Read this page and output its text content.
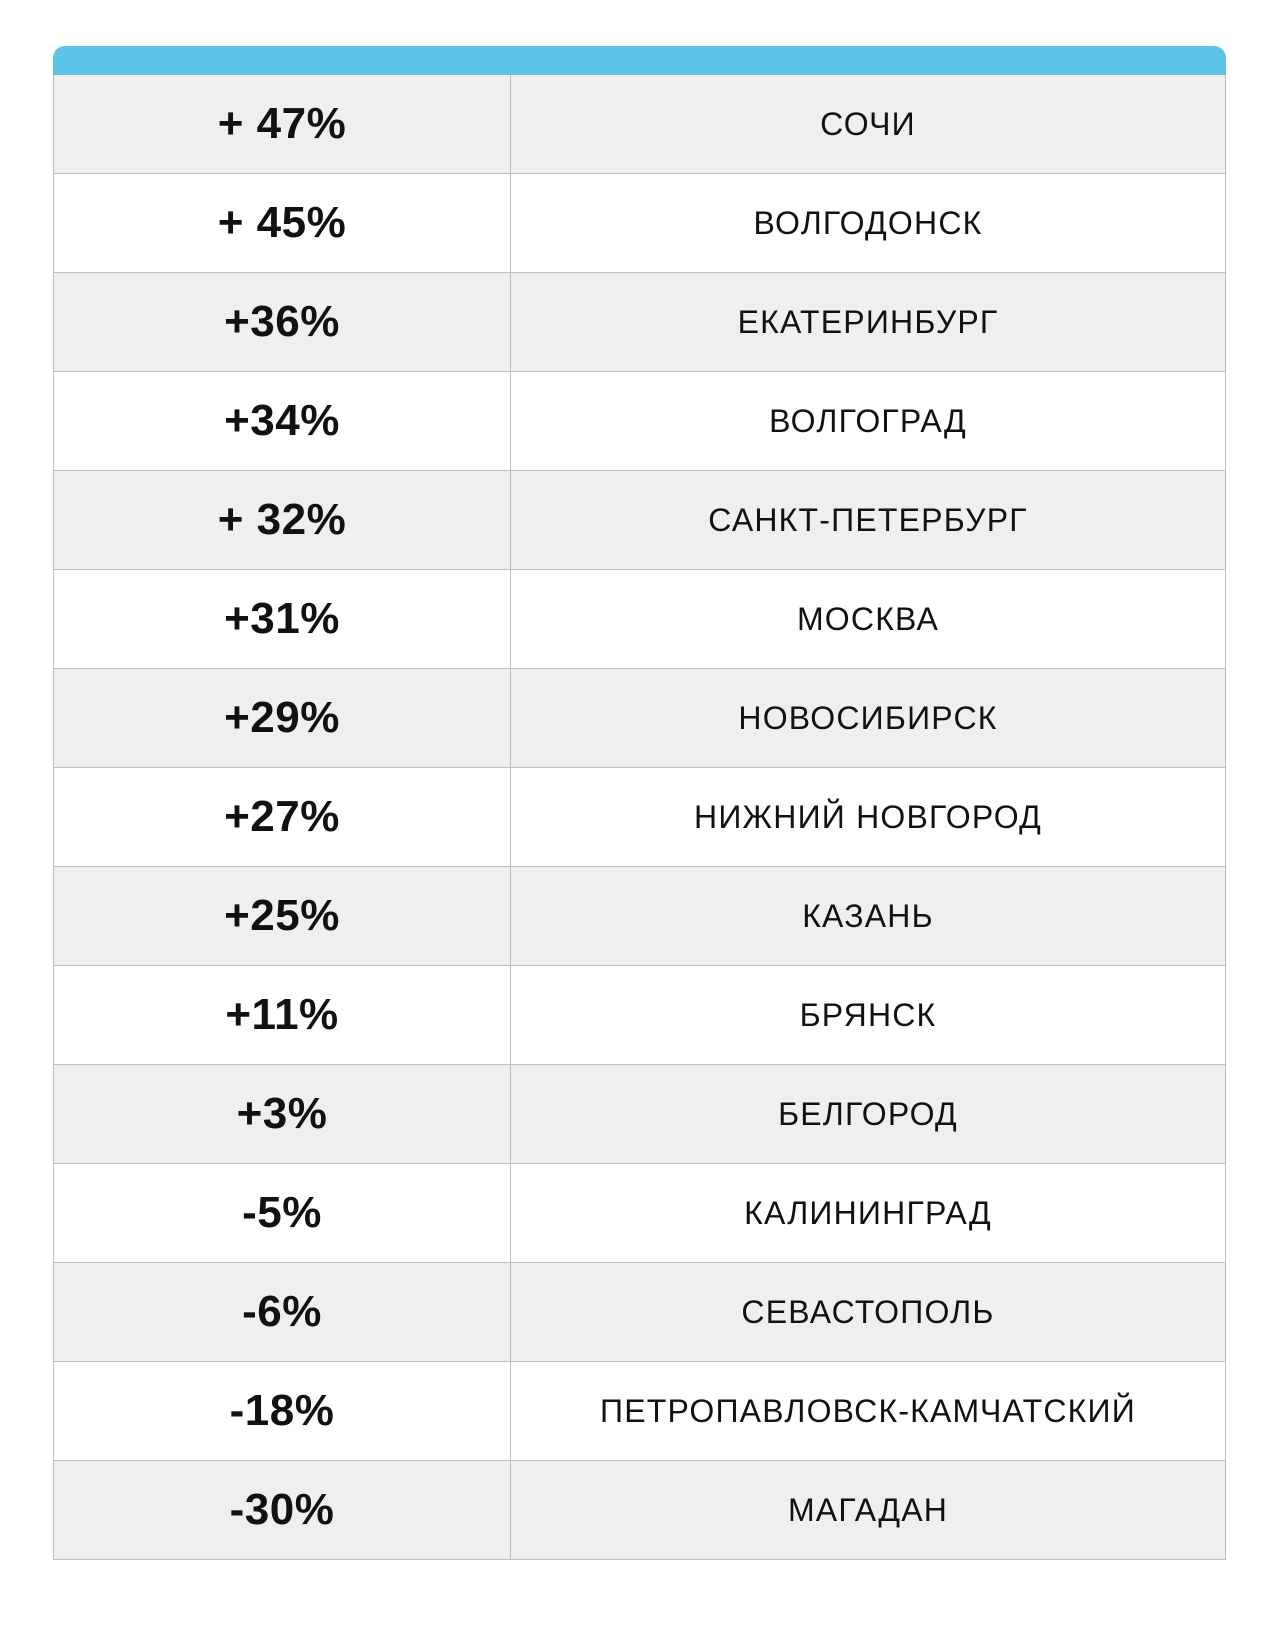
+ 47%	СОЧИ
+ 45%	ВОЛГОДОНСК
+36%	ЕКАТЕРИНБУРГ
+34%	ВОЛГОГРАД
+ 32%	САНКТ-ПЕТЕРБУРГ
+31%	МОСКВА
+29%	НОВОСИБИРСК
+27%	НИЖНИЙ НОВГОРОД
+25%	КАЗАНЬ
+11%	БРЯНСК
+3%	БЕЛГОРОД
-5%	КАЛИНИНГРАД
-6%	СЕВАСТОПОЛЬ
-18%	ПЕТРОПАВЛОВСК-КАМЧАТСКИЙ
-30%	МАГАДАН
